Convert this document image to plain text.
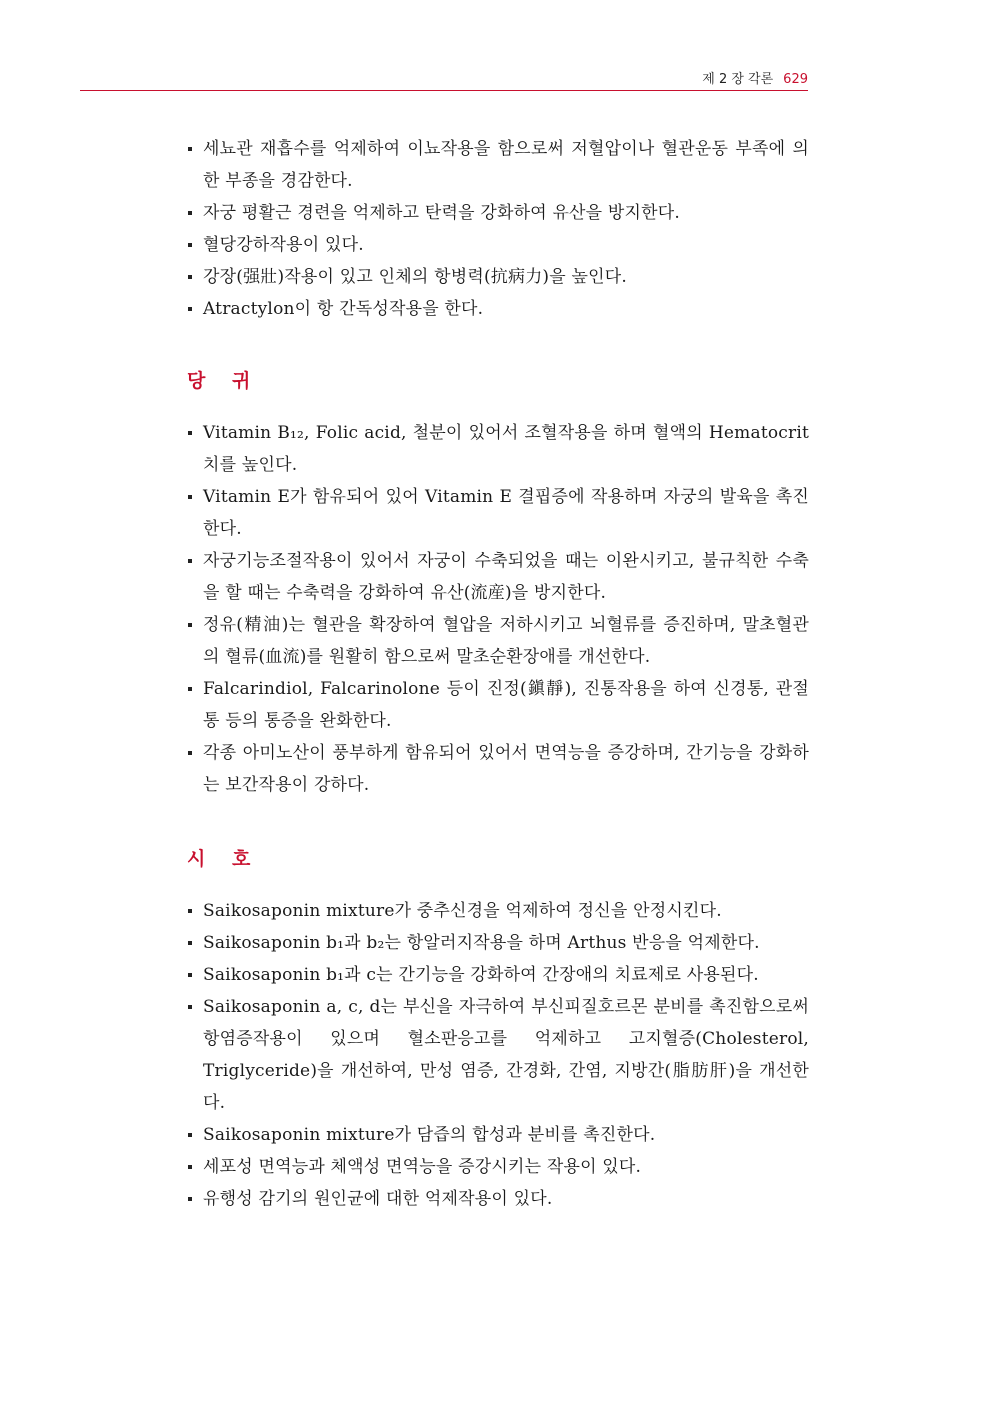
제 2 장 각론 629
세뇨관 재흡수를 억제하여 이뇨작용을 함으로써 저혈압이나 혈관운동 부족에 의한 부종을 경감한다.
자궁 평활근 경련을 억제하고 탄력을 강화하여 유산을 방지한다.
혈당강하작용이 있다.
강장(强壯)작용이 있고 인체의 항병력(抗病力)을 높인다.
Atractylon이 항 간독성작용을 한다.
당 귀
Vitamin B₁₂, Folic acid, 철분이 있어서 조혈작용을 하며 혈액의 Hematocrit치를 높인다.
Vitamin E가 함유되어 있어 Vitamin E 결핍증에 작용하며 자궁의 발육을 촉진한다.
자궁기능조절작용이 있어서 자궁이 수축되었을 때는 이완시키고, 불규칙한 수축을 할 때는 수축력을 강화하여 유산(流産)을 방지한다.
정유(精油)는 혈관을 확장하여 혈압을 저하시키고 뇌혈류를 증진하며, 말초혈관의 혈류(血流)를 원활히 함으로써 말초순환장애를 개선한다.
Falcarindiol, Falcarinolone 등이 진정(鎭靜), 진통작용을 하여 신경통, 관절통 등의 통증을 완화한다.
각종 아미노산이 풍부하게 함유되어 있어서 면역능을 증강하며, 간기능을 강화하는 보간작용이 강하다.
시 호
Saikosaponin mixture가 중추신경을 억제하여 정신을 안정시킨다.
Saikosaponin b₁과 b₂는 항알러지작용을 하며 Arthus 반응을 억제한다.
Saikosaponin b₁과 c는 간기능을 강화하여 간장애의 치료제로 사용된다.
Saikosaponin a, c, d는 부신을 자극하여 부신피질호르몬 분비를 촉진함으로써 항염증작용이 있으며 혈소판응고를 억제하고 고지혈증(Cholesterol, Triglyceride)을 개선하여, 만성 염증, 간경화, 간염, 지방간(脂肪肝)을 개선한다.
Saikosaponin mixture가 담즙의 합성과 분비를 촉진한다.
세포성 면역능과 체액성 면역능을 증강시키는 작용이 있다.
유행성 감기의 원인균에 대한 억제작용이 있다.
